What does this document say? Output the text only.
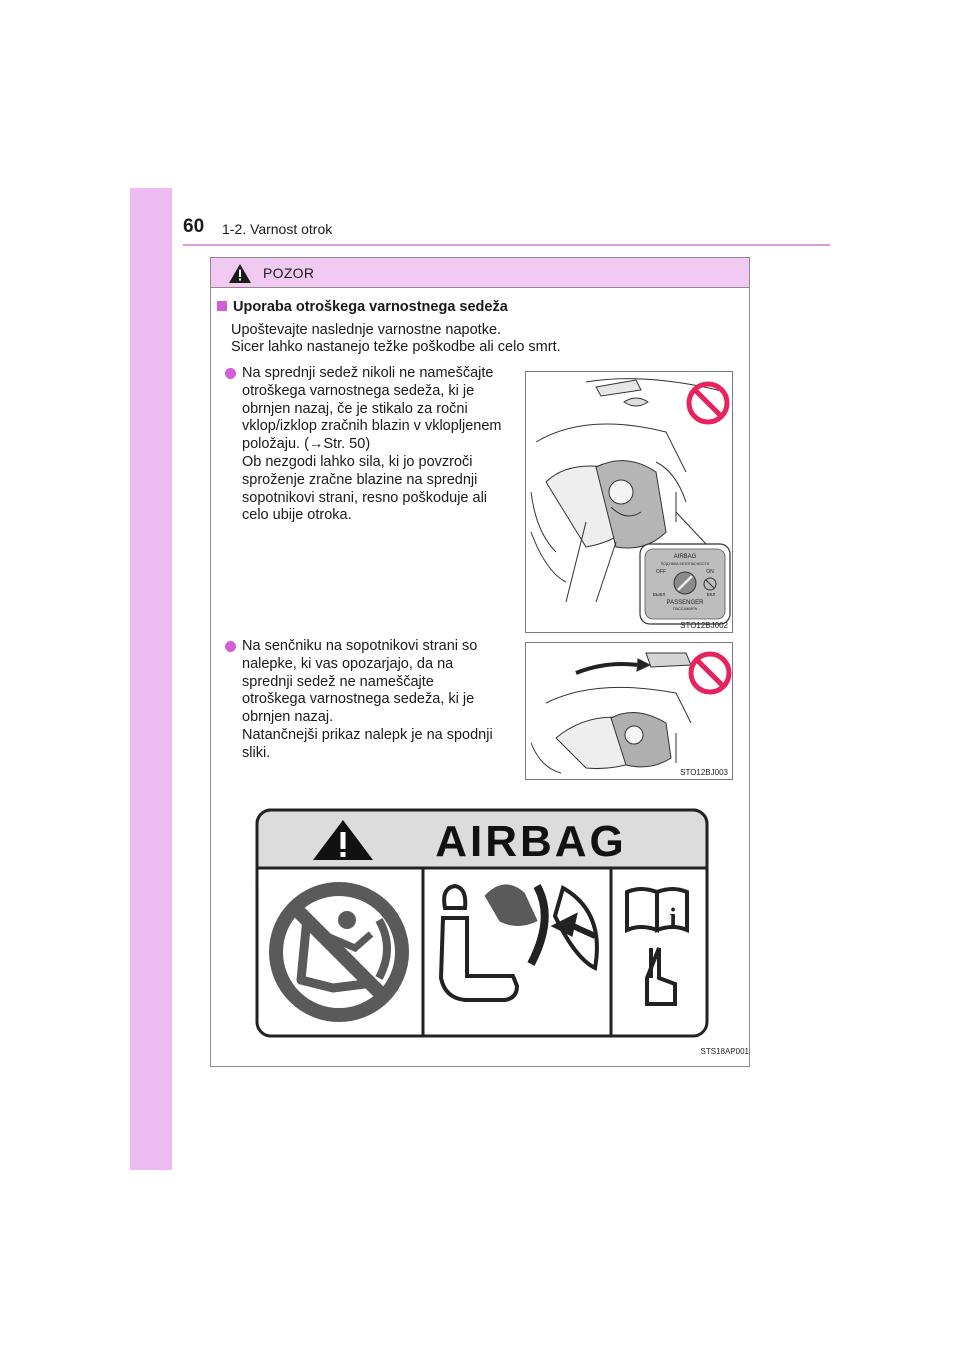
60 1-2. Varnost otrok
POZOR
Uporaba otroškega varnostnega sedeža
Upoštevajte naslednje varnostne napotke.
Sicer lahko nastanejo težke poškodbe ali celo smrt.
Na sprednji sedež nikoli ne nameščajte
otroškega varnostnega sedeža, ki je
obrnjen nazaj, če je stikalo za ročni
vklop/izklop zračnih blazin v vklopljenem položaju. (→Str. 50)
Ob nezgodi lahko sila, ki jo povzroči
sproženje zračne blazine na sprednji
sopotnikovi strani, resno poškoduje ali
celo ubije otroka.
Na senčniku na sopotnikovi strani so
nalepke, ki vas opozarjajo, da na
sprednji sedež ne nameščajte
otroškega varnostnega sedeža, ki je
obrnjen nazaj.
Natančnejši prikaz nalepk je na spodnji
sliki.
AIRBAG
ПОДУШКА БЕЗОПАСНОСТИ
OFF	ON
ВЫКЛ	ВКЛ
PASSENGER
ПАССАЖИРА
STO12BJ002
STO12BJ003
AIRBAG
i
STS18AP001
